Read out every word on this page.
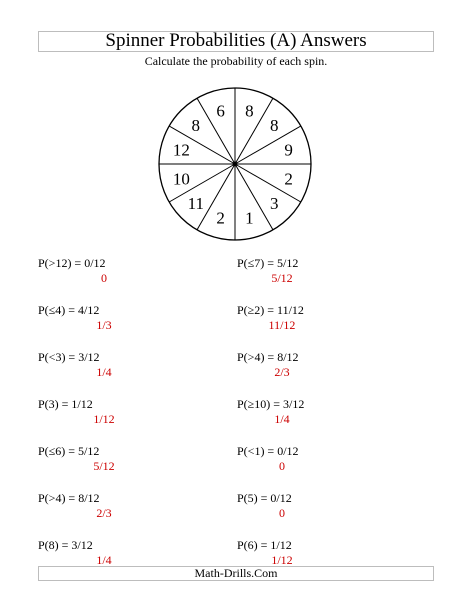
Spinner Probabilities (A) Answers
Calculate the probability of each spin.
8
8
9
2
3
1
2
11
10
12
8
6
P(>12) = 0/12
0
P(≤4) = 4/12
1/3
P(<3) = 3/12
1/4
P(3) = 1/12
1/12
P(≤6) = 5/12
5/12
P(>4) = 8/12
2/3
P(8) = 3/12
1/4
P(≤7) = 5/12
5/12
P(≥2) = 11/12
11/12
P(>4) = 8/12
2/3
P(≥10) = 3/12
1/4
P(<1) = 0/12
0
P(5) = 0/12
0
P(6) = 1/12
1/12
Math-Drills.Com
